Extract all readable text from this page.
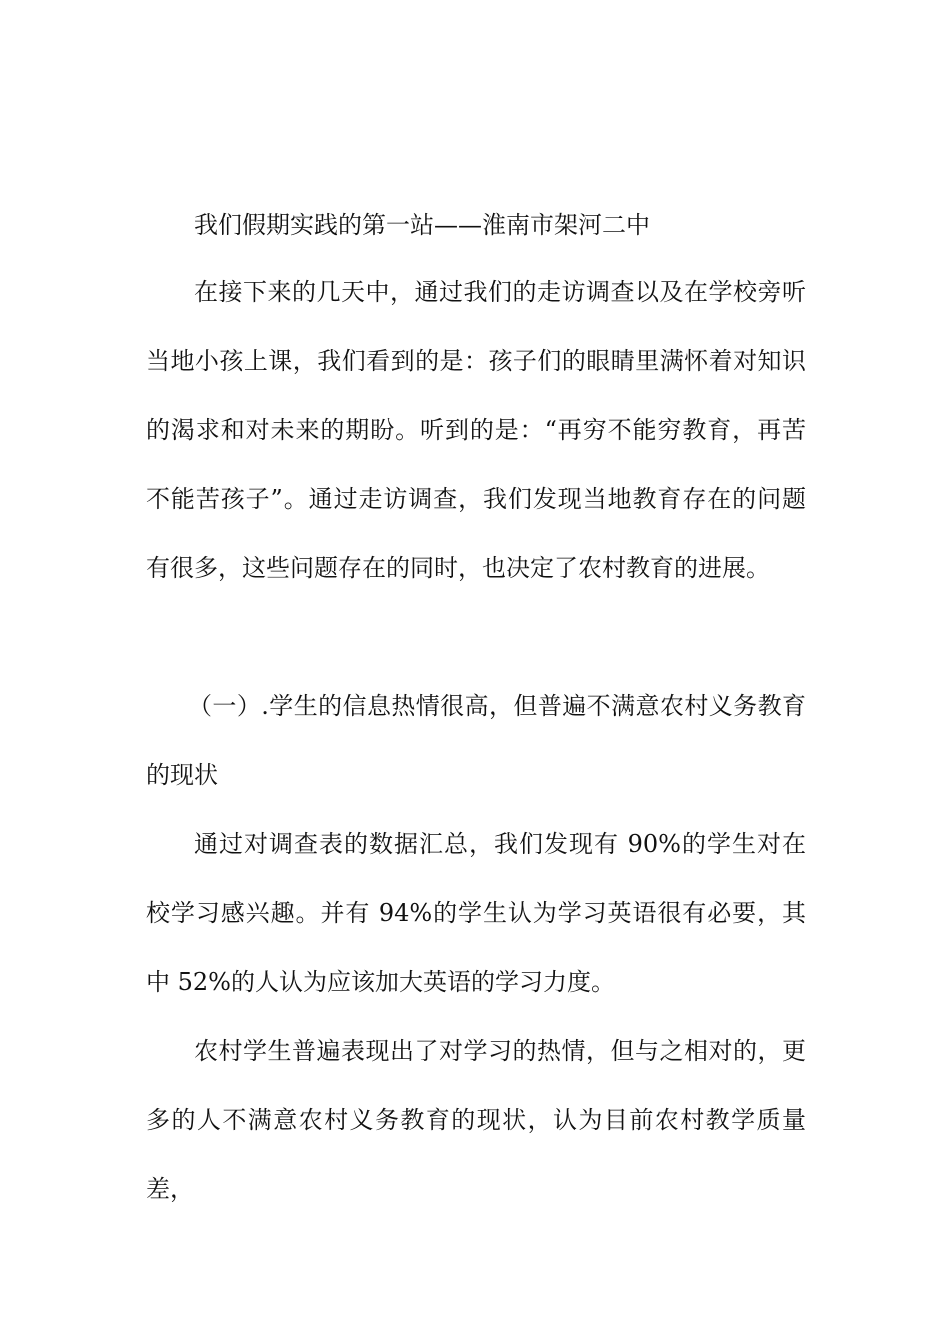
我们假期实践的第一站——淮南市架河二中

在接下来的几天中，通过我们的走访调查以及在学校旁听当地小孩上课，我们看到的是：孩子们的眼睛里满怀着对知识的渴求和对未来的期盼。听到的是：“再穷不能穷教育，再苦不能苦孩子”。通过走访调查，我们发现当地教育存在的问题有很多，这些问题存在的同时，也决定了农村教育的进展。

（一）.学生的信息热情很高，但普遍不满意农村义务教育的现状

通过对调查表的数据汇总，我们发现有 90%的学生对在校学习感兴趣。并有 94%的学生认为学习英语很有必要，其中 52%的人认为应该加大英语的学习力度。

农村学生普遍表现出了对学习的热情，但与之相对的，更多的人不满意农村义务教育的现状，认为目前农村教学质量差，
